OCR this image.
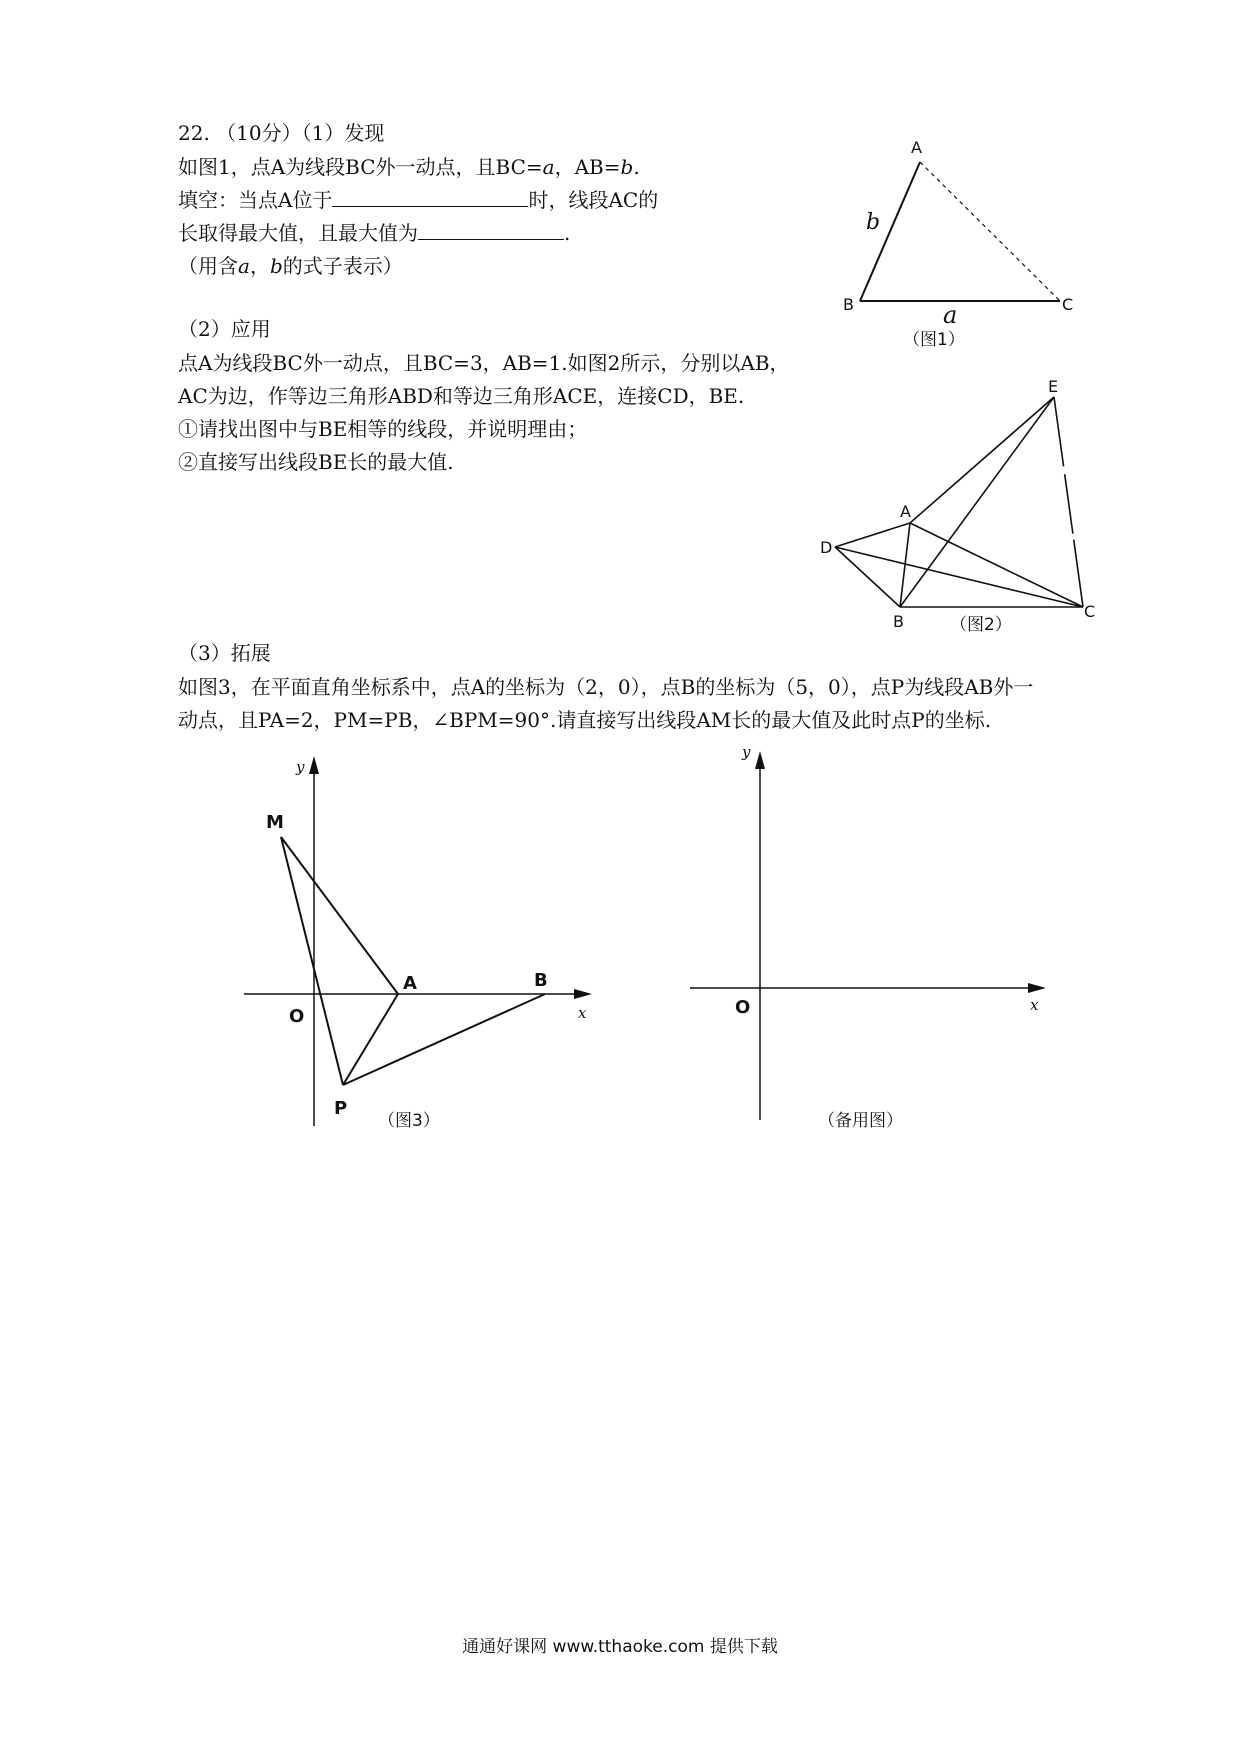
22. （10分）（1）发现
如图1，点A为线段BC外一动点，且BC=a，AB=b.
填空：当点A位于	时，线段AC的
长取得最大值，且最大值为	.
（用含a，b的式子表示）
（2）应用
点A为线段BC外一动点，且BC=3，AB=1.如图2所示，分别以AB，
AC为边，作等边三角形ABD和等边三角形ACE，连接CD，BE.
①请找出图中与BE相等的线段，并说明理由；
②直接写出线段BE长的最大值.
（3）拓展
如图3，在平面直角坐标系中，点A的坐标为（2，0），点B的坐标为（5，0），点P为线段AB外一
动点，且PA=2，PM=PB，∠BPM=90°.请直接写出线段AM长的最大值及此时点P的坐标.
A
B	C
b
a
（图1）
A
B
C
D
E
（图2）
M
A	B
O
P
x
y
（图3）
O	x
y
（备用图）
通通好课网 www.tthaoke.com 提供下载
